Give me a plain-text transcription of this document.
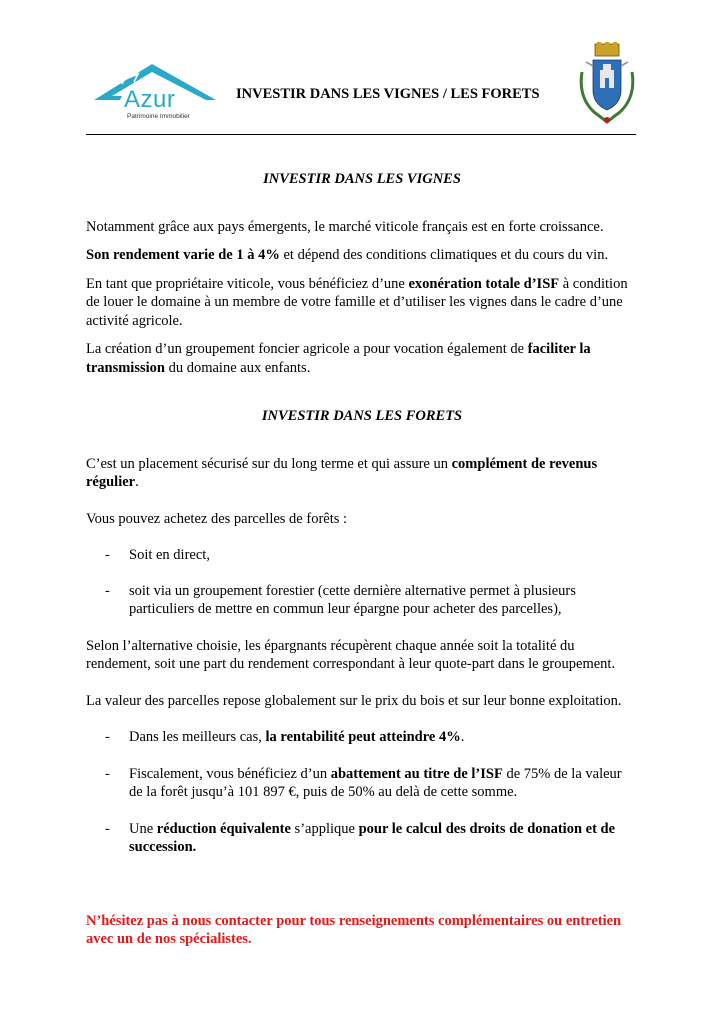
Azur
Patrimoine Immobilier
INVESTIR DANS LES VIGNES / LES FORETS

INVESTIR DANS LES VIGNES

Notamment grâce aux pays émergents, le marché viticole français est en forte croissance.

Son rendement varie de 1 à 4% et dépend des conditions climatiques et du cours du vin.

En tant que propriétaire viticole, vous bénéficiez d’une exonération totale d’ISF à condition de louer le domaine à un membre de votre famille et d’utiliser les vignes dans le cadre d’une activité agricole.

La création d’un groupement foncier agricole a pour vocation également de faciliter la transmission du domaine aux enfants.

INVESTIR DANS LES FORETS

C’est un placement sécurisé sur du long terme et qui assure un complément de revenus régulier.

Vous pouvez achetez des parcelles de forêts :

- Soit en direct,
- soit via un groupement forestier (cette dernière alternative permet à plusieurs particuliers de mettre en commun leur épargne pour acheter des parcelles),

Selon l’alternative choisie, les épargnants récupèrent chaque année soit la totalité du rendement, soit une part du rendement correspondant à leur quote-part dans le groupement.

La valeur des parcelles repose globalement sur le prix du bois et sur leur bonne exploitation.

- Dans les meilleurs cas, la rentabilité peut atteindre 4%.
- Fiscalement, vous bénéficiez d’un abattement au titre de l’ISF de 75% de la valeur de la forêt jusqu’à 101 897 €, puis de 50% au delà de cette somme.
- Une réduction équivalente s’applique pour le calcul des droits de donation et de succession.

N’hésitez pas à nous contacter pour tous renseignements complémentaires ou entretien avec un de nos spécialistes.
